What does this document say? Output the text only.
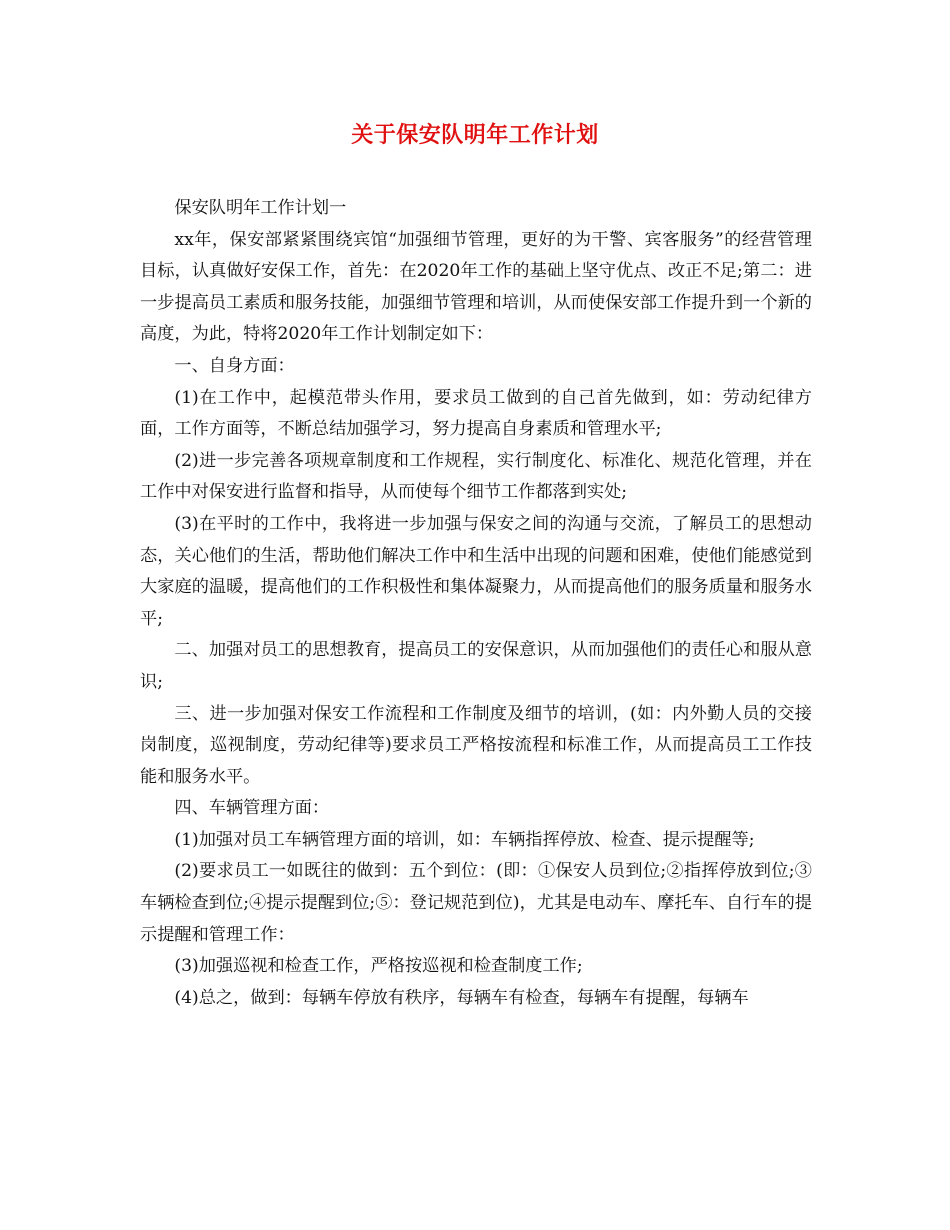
关于保安队明年工作计划

保安队明年工作计划一

xx年，保安部紧紧围绕宾馆“加强细节管理，更好的为干警、宾客服务”的经营管理目标，认真做好安保工作，首先：在2020年工作的基础上坚守优点、改正不足;第二：进一步提高员工素质和服务技能，加强细节管理和培训，从而使保安部工作提升到一个新的高度，为此，特将2020年工作计划制定如下：

一、自身方面：

(1)在工作中，起模范带头作用，要求员工做到的自己首先做到，如：劳动纪律方面，工作方面等，不断总结加强学习，努力提高自身素质和管理水平;

(2)进一步完善各项规章制度和工作规程，实行制度化、标准化、规范化管理，并在工作中对保安进行监督和指导，从而使每个细节工作都落到实处;

(3)在平时的工作中，我将进一步加强与保安之间的沟通与交流，了解员工的思想动态，关心他们的生活，帮助他们解决工作中和生活中出现的问题和困难，使他们能感觉到大家庭的温暖，提高他们的工作积极性和集体凝聚力，从而提高他们的服务质量和服务水平;

二、加强对员工的思想教育，提高员工的安保意识，从而加强他们的责任心和服从意识;

三、进一步加强对保安工作流程和工作制度及细节的培训，(如：内外勤人员的交接岗制度，巡视制度，劳动纪律等)要求员工严格按流程和标准工作，从而提高员工工作技能和服务水平。

四、车辆管理方面：

(1)加强对员工车辆管理方面的培训，如：车辆指挥停放、检查、提示提醒等;

(2)要求员工一如既往的做到：五个到位：(即：①保安人员到位;②指挥停放到位;③车辆检查到位;④提示提醒到位;⑤：登记规范到位)，尤其是电动车、摩托车、自行车的提示提醒和管理工作：

(3)加强巡视和检查工作，严格按巡视和检查制度工作;

(4)总之，做到：每辆车停放有秩序，每辆车有检查，每辆车有提醒，每辆车
